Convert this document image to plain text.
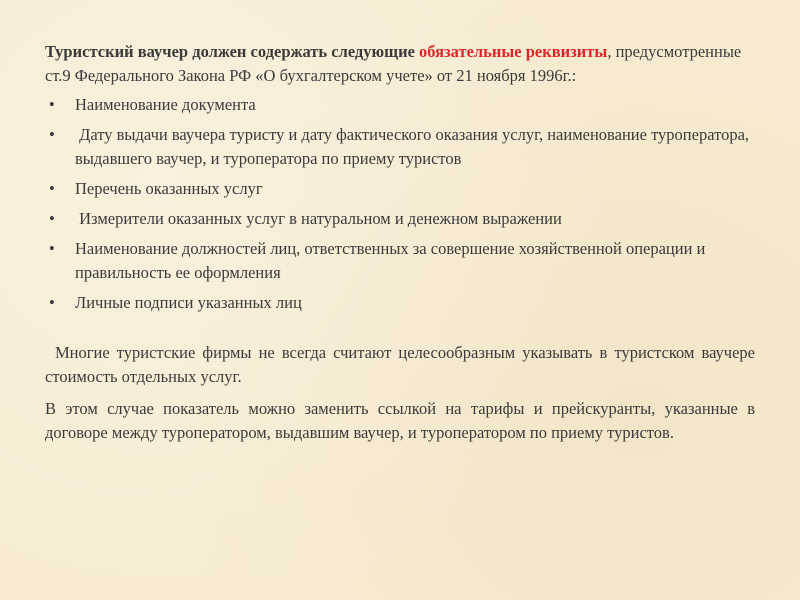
Туристский ваучер должен содержать следующие обязательные реквизиты, предусмотренные ст.9 Федерального Закона РФ «О бухгалтерском учете» от 21 ноября 1996г.:

• Наименование документа
• Дату выдачи ваучера туристу и дату фактического оказания услуг, наименование туроператора, выдавшего ваучер, и туроператора по приему туристов
• Перечень оказанных услуг
• Измерители оказанных услуг в натуральном и денежном выражении
• Наименование должностей лиц, ответственных за совершение хозяйственной операции и правильность ее оформления
• Личные подписи указанных лиц

Многие туристские фирмы не всегда считают целесообразным указывать в туристском ваучере стоимость отдельных услуг.

В этом случае показатель можно заменить ссылкой на тарифы и прейскуранты, указанные в договоре между туроператором, выдавшим ваучер, и туроператором по приему туристов.
